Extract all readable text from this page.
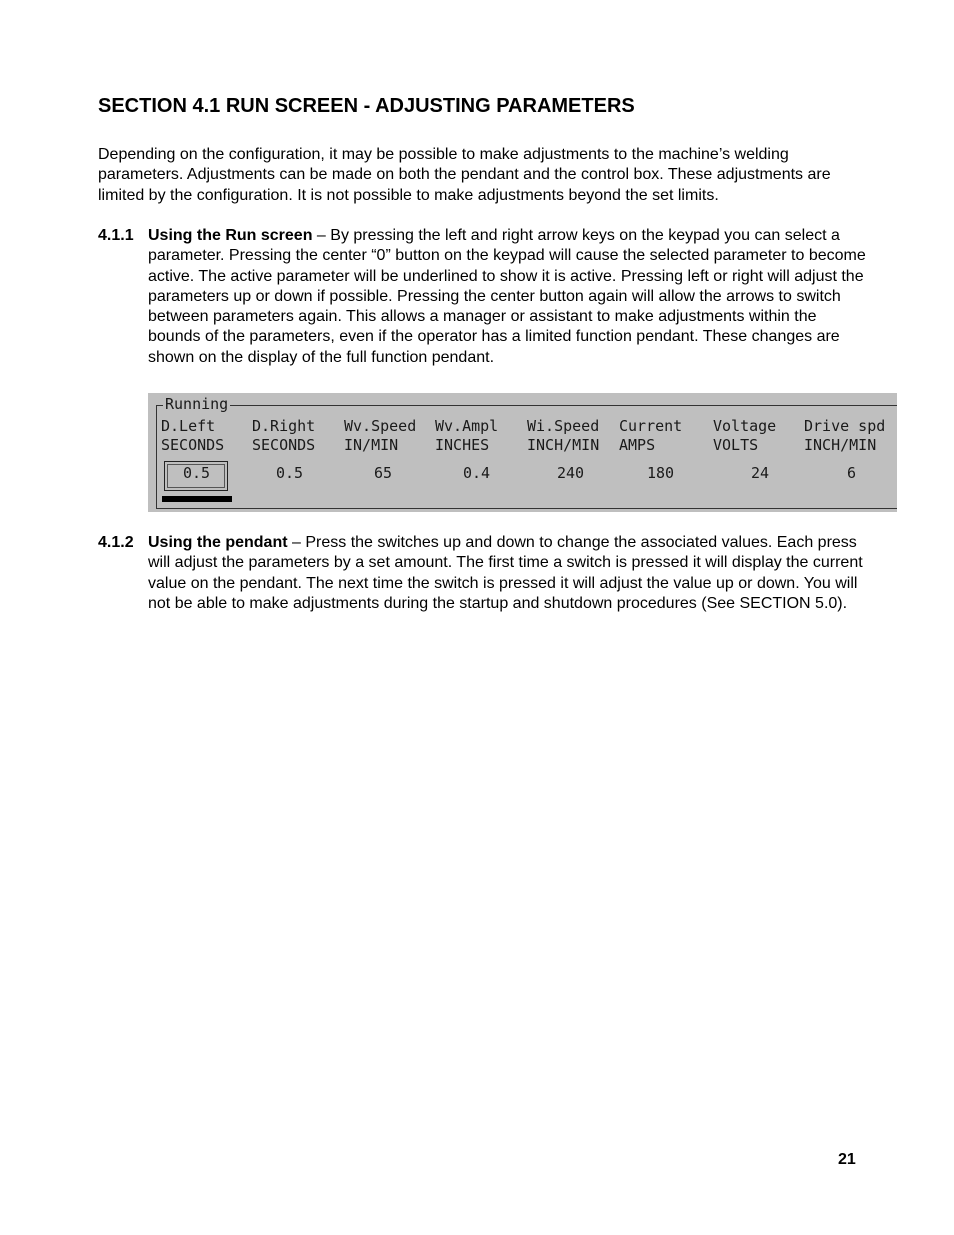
SECTION 4.1 RUN SCREEN - ADJUSTING PARAMETERS

Depending on the configuration, it may be possible to make adjustments to the machine’s welding parameters. Adjustments can be made on both the pendant and the control box. These adjustments are limited by the configuration. It is not possible to make adjustments beyond the set limits.

4.1.1 Using the Run screen – By pressing the left and right arrow keys on the keypad you can select a parameter. Pressing the center “0” button on the keypad will cause the selected parameter to become active. The active parameter will be underlined to show it is active. Pressing left or right will adjust the parameters up or down if possible. Pressing the center button again will allow the arrows to switch between parameters again. This allows a manager or assistant to make adjustments within the bounds of the parameters, even if the operator has a limited function pendant. These changes are shown on the display of the full function pendant.
Running
D.Left
SECONDS
0.5
D.Right
SECONDS
0.5
Wv.Speed
IN/MIN
65
Wv.Ampl
INCHES
0.4
Wi.Speed
INCH/MIN
240
Current
AMPS
180
Voltage
VOLTS
24
Drive spd
INCH/MIN
6
4.1.2 Using the pendant – Press the switches up and down to change the associated values. Each press will adjust the parameters by a set amount. The first time a switch is pressed it will display the current value on the pendant. The next time the switch is pressed it will adjust the value up or down. You will not be able to make adjustments during the startup and shutdown procedures (See SECTION 5.0).
21
